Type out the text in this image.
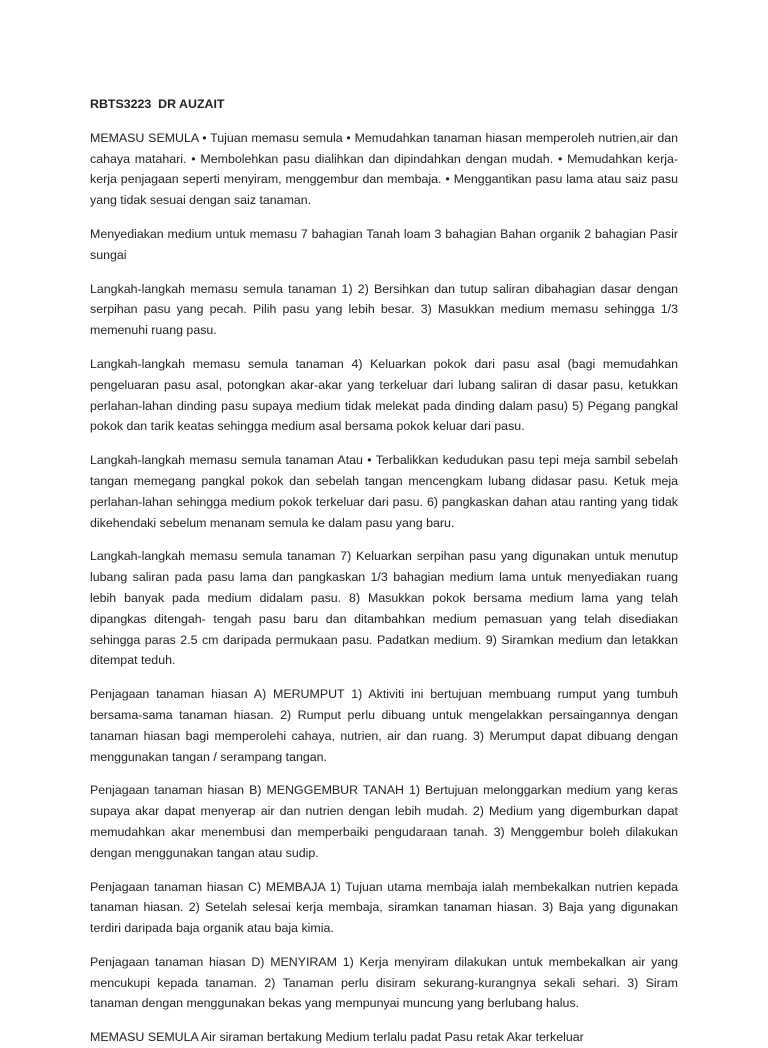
RBTS3223  DR AUZAIT

MEMASU SEMULA • Tujuan memasu semula • Memudahkan tanaman hiasan memperoleh nutrien,air dan cahaya matahari. • Membolehkan pasu dialihkan dan dipindahkan dengan mudah. • Memudahkan kerja-kerja penjagaan seperti menyiram, menggembur dan membaja. • Menggantikan pasu lama atau saiz pasu yang tidak sesuai dengan saiz tanaman.

Menyediakan medium untuk memasu 7 bahagian Tanah loam 3 bahagian Bahan organik 2 bahagian Pasir sungai

Langkah-langkah memasu semula tanaman 1) 2) Bersihkan dan tutup saliran dibahagian dasar dengan serpihan pasu yang pecah. Pilih pasu yang lebih besar. 3) Masukkan medium memasu sehingga 1/3 memenuhi ruang pasu.

Langkah-langkah memasu semula tanaman 4) Keluarkan pokok dari pasu asal (bagi memudahkan pengeluaran pasu asal, potongkan akar-akar yang terkeluar dari lubang saliran di dasar pasu, ketukkan perlahan-lahan dinding pasu supaya medium tidak melekat pada dinding dalam pasu) 5) Pegang pangkal pokok dan tarik keatas sehingga medium asal bersama pokok keluar dari pasu.

Langkah-langkah memasu semula tanaman Atau • Terbalikkan kedudukan pasu tepi meja sambil sebelah tangan memegang pangkal pokok dan sebelah tangan mencengkam lubang didasar pasu. Ketuk meja perlahan-lahan sehingga medium pokok terkeluar dari pasu. 6) pangkaskan dahan atau ranting yang tidak dikehendaki sebelum menanam semula ke dalam pasu yang baru.

Langkah-langkah memasu semula tanaman 7) Keluarkan serpihan pasu yang digunakan untuk menutup lubang saliran pada pasu lama dan pangkaskan 1/3 bahagian medium lama untuk menyediakan ruang lebih banyak pada medium didalam pasu. 8) Masukkan pokok bersama medium lama yang telah dipangkas ditengah- tengah pasu baru dan ditambahkan medium pemasuan yang telah disediakan sehingga paras 2.5 cm daripada permukaan pasu. Padatkan medium. 9) Siramkan medium dan letakkan ditempat teduh.

Penjagaan tanaman hiasan A) MERUMPUT 1) Aktiviti ini bertujuan membuang rumput yang tumbuh bersama-sama tanaman hiasan. 2) Rumput perlu dibuang untuk mengelakkan persaingannya dengan tanaman hiasan bagi memperolehi cahaya, nutrien, air dan ruang. 3) Merumput dapat dibuang dengan menggunakan tangan / serampang tangan.

Penjagaan tanaman hiasan B) MENGGEMBUR TANAH 1) Bertujuan melonggarkan medium yang keras supaya akar dapat menyerap air dan nutrien dengan lebih mudah. 2) Medium yang digemburkan dapat memudahkan akar menembusi dan memperbaiki pengudaraan tanah. 3) Menggembur boleh dilakukan dengan menggunakan tangan atau sudip.

Penjagaan tanaman hiasan C) MEMBAJA 1) Tujuan utama membaja ialah membekalkan nutrien kepada tanaman hiasan. 2) Setelah selesai kerja membaja, siramkan tanaman hiasan. 3) Baja yang digunakan terdiri daripada baja organik atau baja kimia.

Penjagaan tanaman hiasan D) MENYIRAM 1) Kerja menyiram dilakukan untuk membekalkan air yang mencukupi kepada tanaman. 2) Tanaman perlu disiram sekurang-kurangnya sekali sehari. 3) Siram tanaman dengan menggunakan bekas yang mempunyai muncung yang berlubang halus.

MEMASU SEMULA Air siraman bertakung Medium terlalu padat Pasu retak Akar terkeluar
